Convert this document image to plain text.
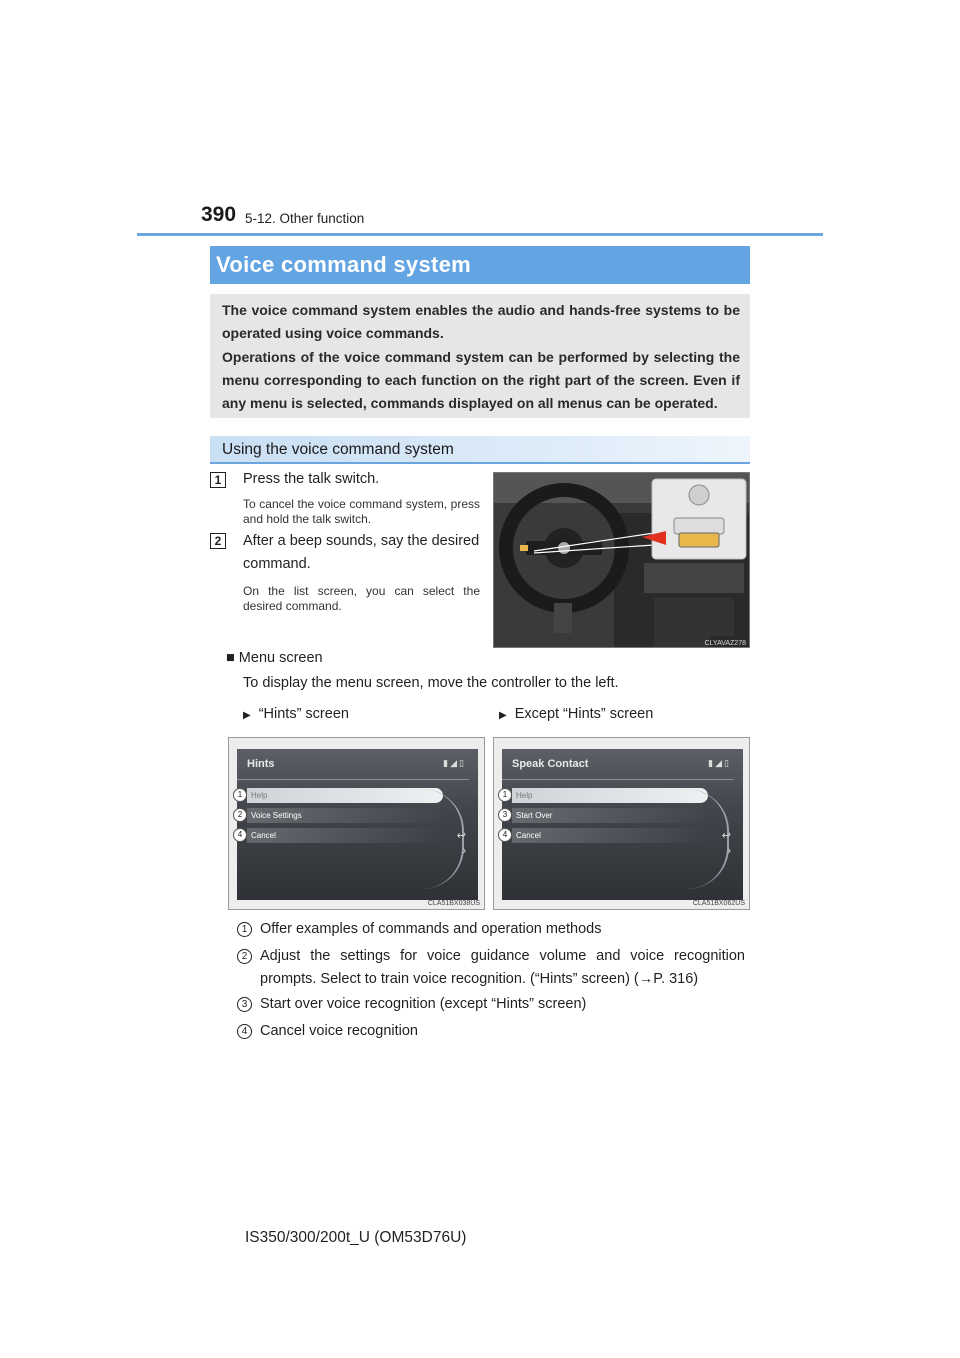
390 5-12. Other function
Voice command system
The voice command system enables the audio and hands-free systems to be operated using voice commands.
Operations of the voice command system can be performed by selecting the menu corresponding to each function on the right part of the screen. Even if any menu is selected, commands displayed on all menus can be operated.
Using the voice command system
1	Press the talk switch.
To cancel the voice command system, press and hold the talk switch.
2	After a beep sounds, say the desired command.
On the list screen, you can select the desired command.
CLYAVAZ278
■ Menu screen
To display the menu screen, move the controller to the left.
▶ “Hints” screen	▶ Except “Hints” screen
Hints	▮◢▯
Help
Voice Settings
Cancel	↩
›
1
2
4
CLA51BX038US
Speak Contact	▮◢▯
Help
Start Over
Cancel	↩
›
1
3
4
CLA51BX062US
1 Offer examples of commands and operation methods
2 Adjust the settings for voice guidance volume and voice recognition prompts. Select to train voice recognition. (“Hints” screen) (→P. 316)
3 Start over voice recognition (except “Hints” screen)
4 Cancel voice recognition
IS350/300/200t_U (OM53D76U)
